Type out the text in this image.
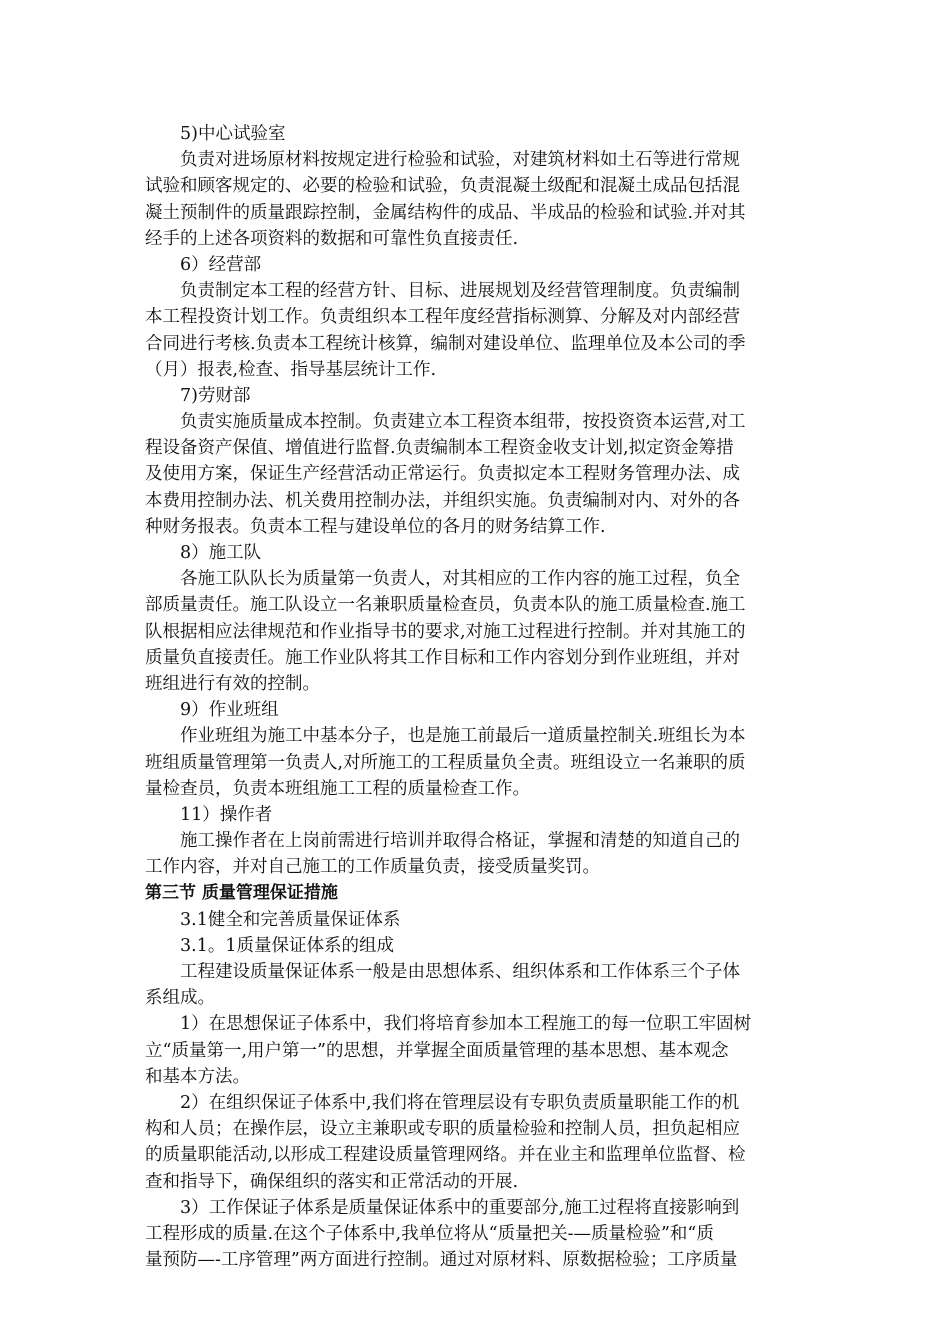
5)中心试验室
负责对进场原材料按规定进行检验和试验，对建筑材料如土石等进行常规
试验和顾客规定的、必要的检验和试验，负责混凝土级配和混凝土成品包括混
凝土预制件的质量跟踪控制，金属结构件的成品、半成品的检验和试验.并对其
经手的上述各项资料的数据和可靠性负直接责任.
6）经营部
负责制定本工程的经营方针、目标、进展规划及经营管理制度。负责编制
本工程投资计划工作。负责组织本工程年度经营指标测算、分解及对内部经营
合同进行考核.负责本工程统计核算，编制对建设单位、监理单位及本公司的季
（月）报表,检查、指导基层统计工作.
7)劳财部
负责实施质量成本控制。负责建立本工程资本组带，按投资资本运营,对工
程设备资产保值、增值进行监督.负责编制本工程资金收支计划,拟定资金筹措
及使用方案，保证生产经营活动正常运行。负责拟定本工程财务管理办法、成
本费用控制办法、机关费用控制办法，并组织实施。负责编制对内、对外的各
种财务报表。负责本工程与建设单位的各月的财务结算工作.
8）施工队
各施工队队长为质量第一负责人，对其相应的工作内容的施工过程，负全
部质量责任。施工队设立一名兼职质量检查员，负责本队的施工质量检查.施工
队根据相应法律规范和作业指导书的要求,对施工过程进行控制。并对其施工的
质量负直接责任。施工作业队将其工作目标和工作内容划分到作业班组，并对
班组进行有效的控制。
9）作业班组
作业班组为施工中基本分子，也是施工前最后一道质量控制关.班组长为本
班组质量管理第一负责人,对所施工的工程质量负全责。班组设立一名兼职的质
量检查员，负责本班组施工工程的质量检查工作。
11）操作者
施工操作者在上岗前需进行培训并取得合格证，掌握和清楚的知道自己的
工作内容，并对自己施工的工作质量负责，接受质量奖罚。
第三节 质量管理保证措施
3.1健全和完善质量保证体系
3.1。1质量保证体系的组成
工程建设质量保证体系一般是由思想体系、组织体系和工作体系三个子体
系组成。
1）在思想保证子体系中，我们将培育参加本工程施工的每一位职工牢固树
立“质量第一,用户第一”的思想，并掌握全面质量管理的基本思想、基本观念
和基本方法。
2）在组织保证子体系中,我们将在管理层设有专职负责质量职能工作的机
构和人员；在操作层，设立主兼职或专职的质量检验和控制人员，担负起相应
的质量职能活动,以形成工程建设质量管理网络。并在业主和监理单位监督、检
查和指导下，确保组织的落实和正常活动的开展.
3）工作保证子体系是质量保证体系中的重要部分,施工过程将直接影响到
工程形成的质量.在这个子体系中,我单位将从“质量把关-—质量检验”和“质
量预防—-工序管理”两方面进行控制。通过对原材料、原数据检验；工序质量
